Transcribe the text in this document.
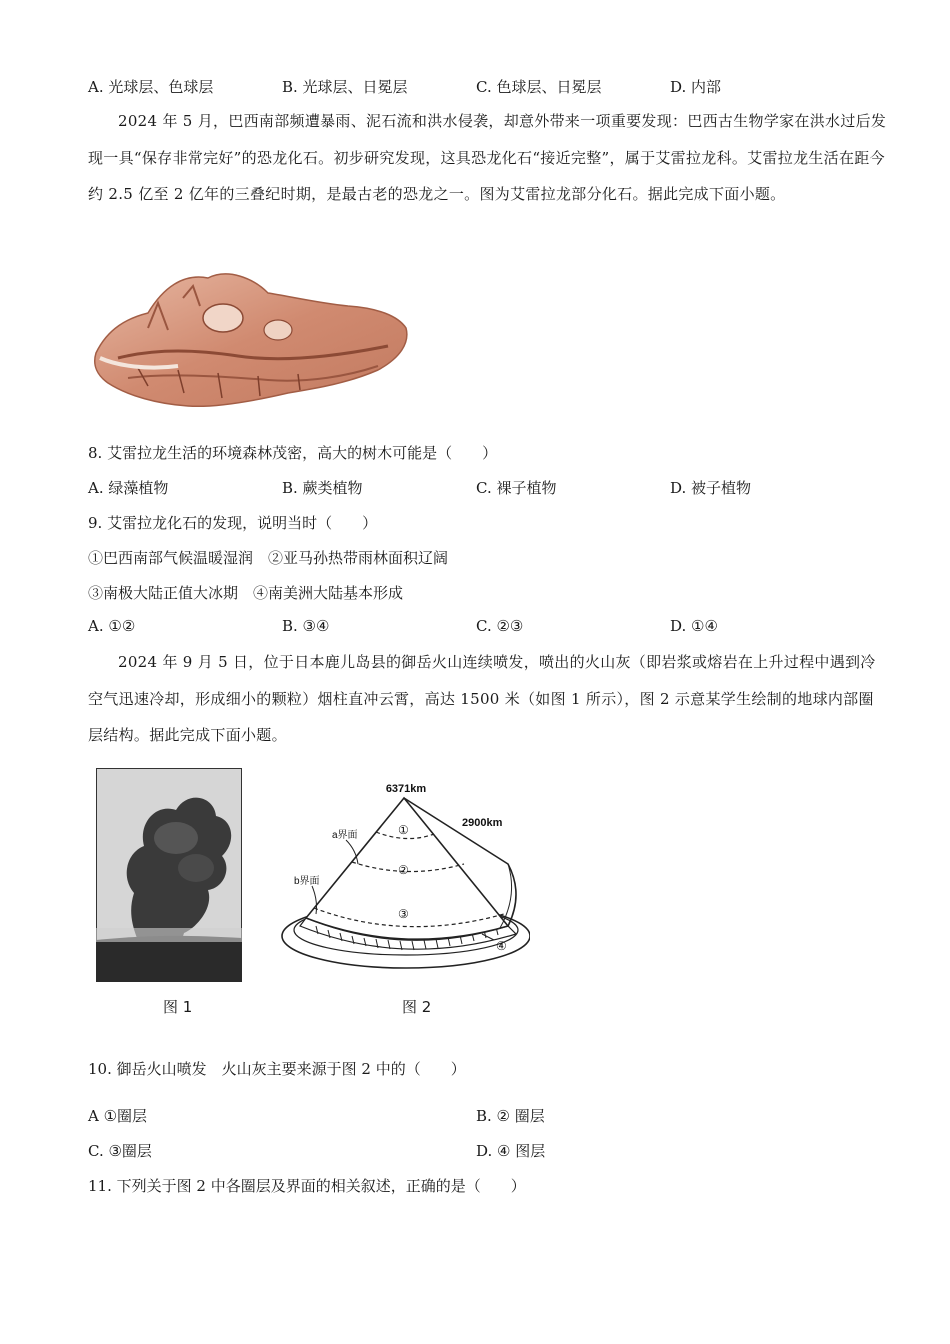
A. 光球层、色球层	B. 光球层、日冕层	C. 色球层、日冕层	D. 内部
2024 年 5 月，巴西南部频遭暴雨、泥石流和洪水侵袭，却意外带来一项重要发现：巴西古生物学家在洪水过后发现一具“保存非常完好”的恐龙化石。初步研究发现，这具恐龙化石“接近完整”，属于艾雷拉龙科。艾雷拉龙生活在距今约 2.5 亿至 2 亿年的三叠纪时期，是最古老的恐龙之一。图为艾雷拉龙部分化石。据此完成下面小题。
8. 艾雷拉龙生活的环境森林茂密，高大的树木可能是（　　）
A. 绿藻植物	B. 蕨类植物	C. 裸子植物	D. 被子植物
9. 艾雷拉龙化石的发现，说明当时（　　）
①巴西南部气候温暖湿润　②亚马孙热带雨林面积辽阔
③南极大陆正值大冰期　④南美洲大陆基本形成
A. ①②	B. ③④	C. ②③	D. ①④
2024 年 9 月 5 日，位于日本鹿儿岛县的御岳火山连续喷发，喷出的火山灰（即岩浆或熔岩在上升过程中遇到冷空气迅速冷却，形成细小的颗粒）烟柱直冲云霄，高达 1500 米（如图 1 所示），图 2 示意某学生绘制的地球内部圈层结构。据此完成下面小题。
图 1
6371km
2900km
a界面
b界面
①
②
③
④
图 2
10. 御岳火山喷发　火山灰主要来源于图 2 中的（　　）
A ①圈层	B. ② 圈层
C. ③圈层	D. ④ 图层
11. 下列关于图 2 中各圈层及界面的相关叙述，正确的是（　　）
